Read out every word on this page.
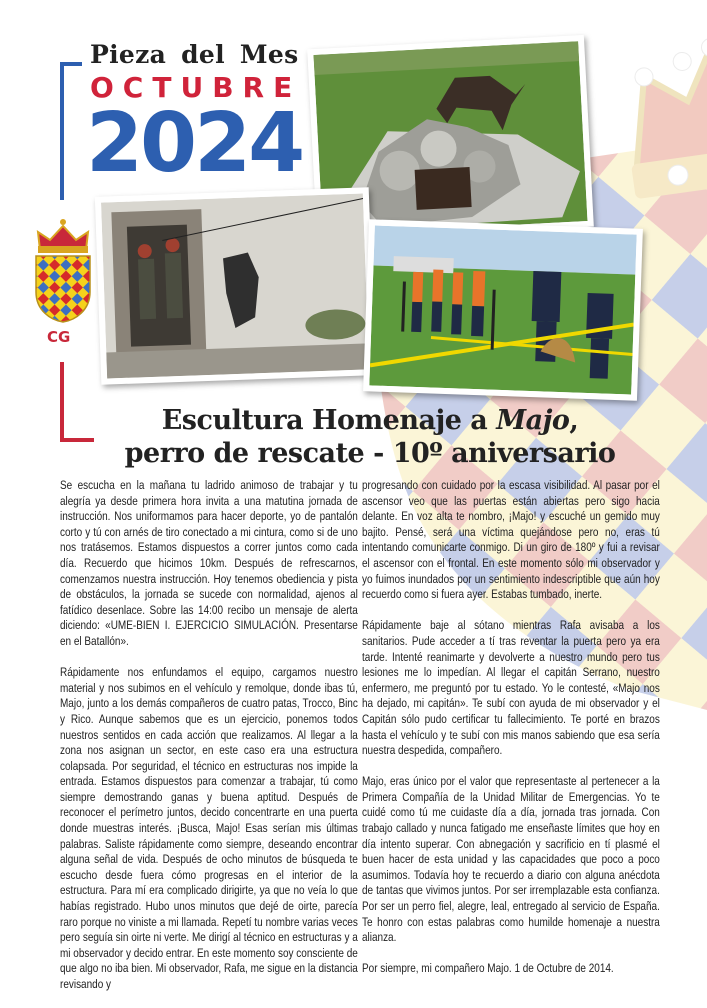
Pieza del Mes
OCTUBRE
2024
CG
Escultura Homenaje a Majo,
perro de rescate - 10º aniversario

Se escucha en la mañana tu ladrido animoso de trabajar y tu alegría ya desde primera hora invita a una matutina jornada de instrucción. Nos uniformamos para hacer deporte, yo de pantalón corto y tú con arnés de tiro conectado a mi cintura, como si de uno nos tratásemos. Estamos dispuestos a correr juntos como cada día. Recuerdo que hicimos 10km. Después de refrescarnos, comenzamos nuestra instrucción. Hoy tenemos obediencia y pista de obstáculos, la jornada se sucede con normalidad, ajenos al fatídico desenlace. Sobre las 14:00 recibo un mensaje de alerta diciendo: «UME-BIEN I. EJERCICIO SIMULACIÓN. Presentarse en el Batallón».

Rápidamente nos enfundamos el equipo, cargamos nuestro material y nos subimos en el vehículo y remolque, donde ibas tú, Majo, junto a los demás compañeros de cuatro patas, Trocco, Binc y Rico. Aunque sabemos que es un ejercicio, ponemos todos nuestros sentidos en cada acción que realizamos. Al llegar a la zona nos asignan un sector, en este caso era una estructura colapsada. Por seguridad, el técnico en estructuras nos impide la entrada. Estamos dispuestos para comenzar a trabajar, tú como siempre demostrando ganas y buena aptitud. Después de reconocer el perímetro juntos, decido concentrarte en una puerta donde muestras interés. ¡Busca, Majo! Esas serían mis últimas palabras. Saliste rápidamente como siempre, deseando encontrar alguna señal de vida. Después de ocho minutos de búsqueda te escucho desde fuera cómo progresas en el interior de la estructura. Para mí era complicado dirigirte, ya que no veía lo que habías registrado. Hubo unos minutos que dejé de oirte, parecía raro porque no viniste a mi llamada. Repetí tu nombre varias veces pero seguía sin oirte ni verte. Me dirigí al técnico en estructuras y a mi observador y decido entrar. En este momento soy consciente de que algo no iba bien. Mi observador, Rafa, me sigue en la distancia revisando y

progresando con cuidado por la escasa visibilidad. Al pasar por el ascensor veo que las puertas están abiertas pero sigo hacia delante. En voz alta te nombro, ¡Majo! y escuché un gemido muy bajito. Pensé, será una víctima quejándose pero no, eras tú intentando comunicarte conmigo. Di un giro de 180º y fui a revisar el ascensor con el frontal. En este momento sólo mi observador y yo fuimos inundados por un sentimiento indescriptible que aún hoy recuerdo como si fuera ayer. Estabas tumbado, inerte.

Rápidamente baje al sótano mientras Rafa avisaba a los sanitarios. Pude acceder a tí tras reventar la puerta pero ya era tarde. Intenté reanimarte y devolverte a nuestro mundo pero tus lesiones me lo impedían. Al llegar el capitán Serrano, nuestro enfermero, me preguntó por tu estado. Yo le contesté, «Majo nos ha dejado, mi capitán». Te subí con ayuda de mi observador y el Capitán sólo pudo certificar tu fallecimiento. Te porté en brazos hasta el vehículo y te subí con mis manos sabiendo que esa sería nuestra despedida, compañero.

Majo, eras único por el valor que representaste al pertenecer a la Primera Compañía de la Unidad Militar de Emergencias. Yo te cuidé como tú me cuidaste día a día, jornada tras jornada. Con trabajo callado y nunca fatigado me enseñaste límites que hoy en día intento superar. Con abnegación y sacrificio en tí plasmé el buen hacer de esta unidad y las capacidades que poco a poco asumimos. Todavía hoy te recuerdo a diario con alguna anécdota de tantas que vivimos juntos. Por ser irremplazable esta confianza. Por ser un perro fiel, alegre, leal, entregado al servicio de España. Te honro con estas palabras como humilde homenaje a nuestra alianza.

Por siempre, mi compañero Majo. 1 de Octubre de 2014.
